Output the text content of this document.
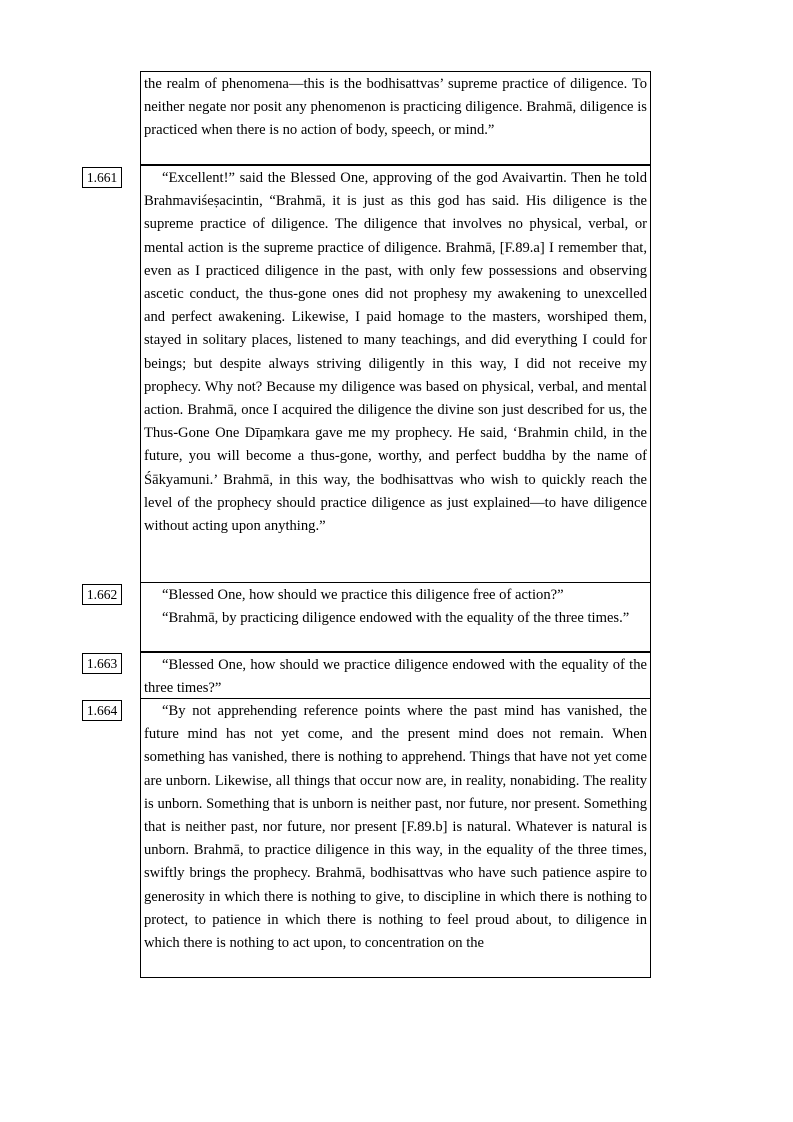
the realm of phenomena—this is the bodhisattvas’ supreme practice of diligence. To neither negate nor posit any phenomenon is practicing diligence. Brahmā, diligence is practiced when there is no action of body, speech, or mind.”

1.661	“Excellent!” said the Blessed One, approving of the god Avaivartin. Then he told Brahmaviśeṣacintin, “Brahmā, it is just as this god has said. His diligence is the supreme practice of diligence. The diligence that involves no physical, verbal, or mental action is the supreme practice of diligence. Brahmā, [F.89.a] I remember that, even as I practiced diligence in the past, with only few possessions and observing ascetic conduct, the thus-gone ones did not prophesy my awakening to unexcelled and perfect awakening. Likewise, I paid homage to the masters, worshiped them, stayed in solitary places, listened to many teachings, and did everything I could for beings; but despite always striving diligently in this way, I did not receive my prophecy. Why not? Because my diligence was based on physical, verbal, and mental action. Brahmā, once I acquired the diligence the divine son just described for us, the Thus-Gone One Dīpaṃkara gave me my prophecy. He said, ‘Brahmin child, in the future, you will become a thus-gone, worthy, and perfect buddha by the name of Śākyamuni.’ Brahmā, in this way, the bodhisattvas who wish to quickly reach the level of the prophecy should practice diligence as just explained—to have diligence without acting upon anything.”

1.662	“Blessed One, how should we practice this diligence free of action?”

“Brahmā, by practicing diligence endowed with the equality of the three times.”

1.663	“Blessed One, how should we practice diligence endowed with the equality of the three times?”

1.664	“By not apprehending reference points where the past mind has vanished, the future mind has not yet come, and the present mind does not remain. When something has vanished, there is nothing to apprehend. Things that have not yet come are unborn. Likewise, all things that occur now are, in reality, nonabiding. The reality is unborn. Something that is unborn is neither past, nor future, nor present. Something that is neither past, nor future, nor present [F.89.b] is natural. Whatever is natural is unborn. Brahmā, to practice diligence in this way, in the equality of the three times, swiftly brings the prophecy. Brahmā, bodhisattvas who have such patience aspire to generosity in which there is nothing to give, to discipline in which there is nothing to protect, to patience in which there is nothing to feel proud about, to diligence in which there is nothing to act upon, to concentration on the
